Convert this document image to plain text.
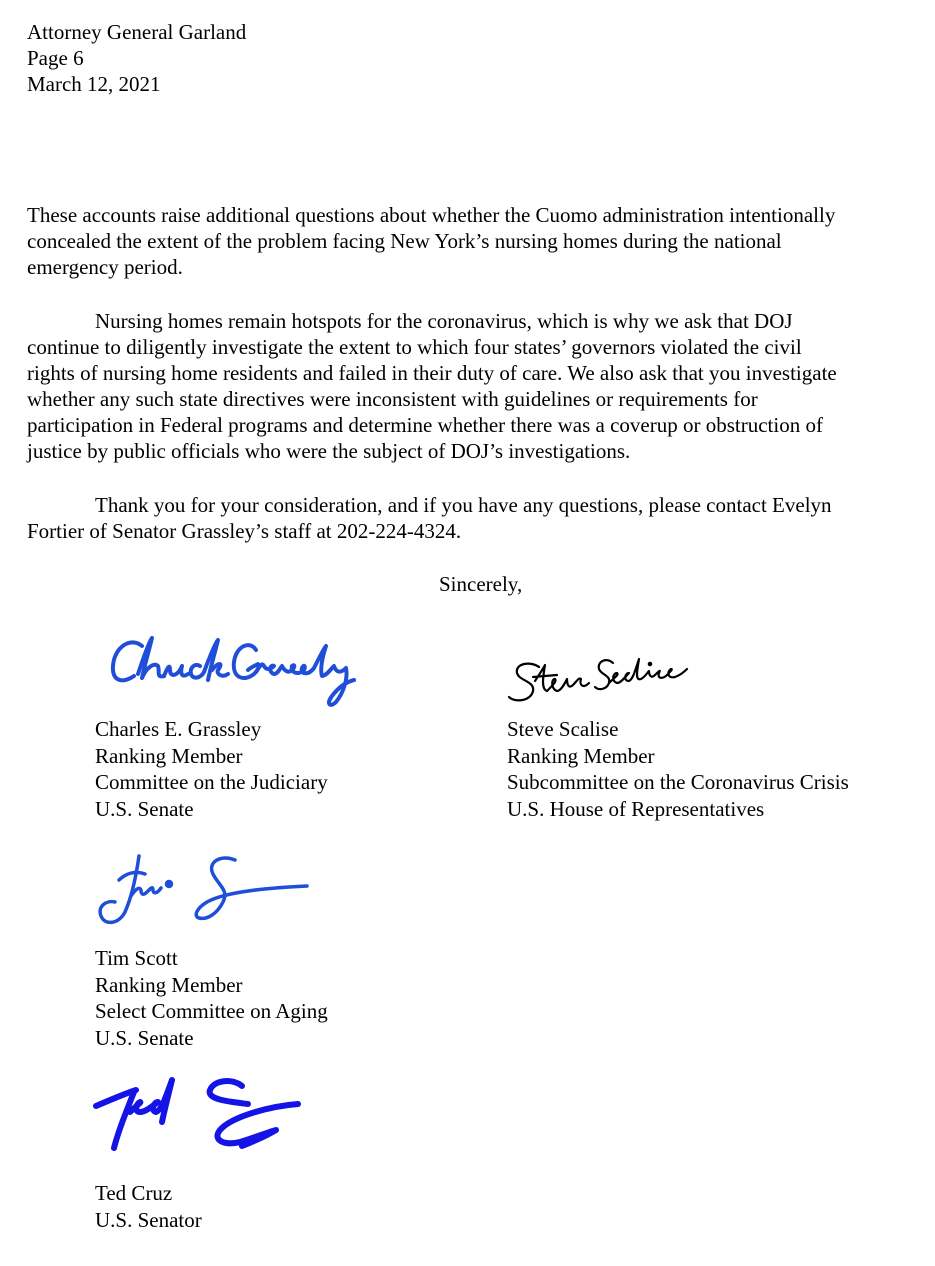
Attorney General Garland
Page 6
March 12, 2021
These accounts raise additional questions about whether the Cuomo administration intentionally
concealed the extent of the problem facing New York’s nursing homes during the national
emergency period.
Nursing homes remain hotspots for the coronavirus, which is why we ask that DOJ
continue to diligently investigate the extent to which four states’ governors violated the civil
rights of nursing home residents and failed in their duty of care. We also ask that you investigate
whether any such state directives were inconsistent with guidelines or requirements for
participation in Federal programs and determine whether there was a coverup or obstruction of
justice by public officials who were the subject of DOJ’s investigations.
Thank you for your consideration, and if you have any questions, please contact Evelyn
Fortier of Senator Grassley’s staff at 202-224-4324.
Sincerely,
Chuck Grassley
Steve Scalise
Tim Scott
Ted Cruz
Charles E. Grassley
Ranking Member
Committee on the Judiciary
U.S. Senate
Steve Scalise
Ranking Member
Subcommittee on the Coronavirus Crisis
U.S. House of Representatives
Tim Scott
Ranking Member
Select Committee on Aging
U.S. Senate
Ted Cruz
U.S. Senator
